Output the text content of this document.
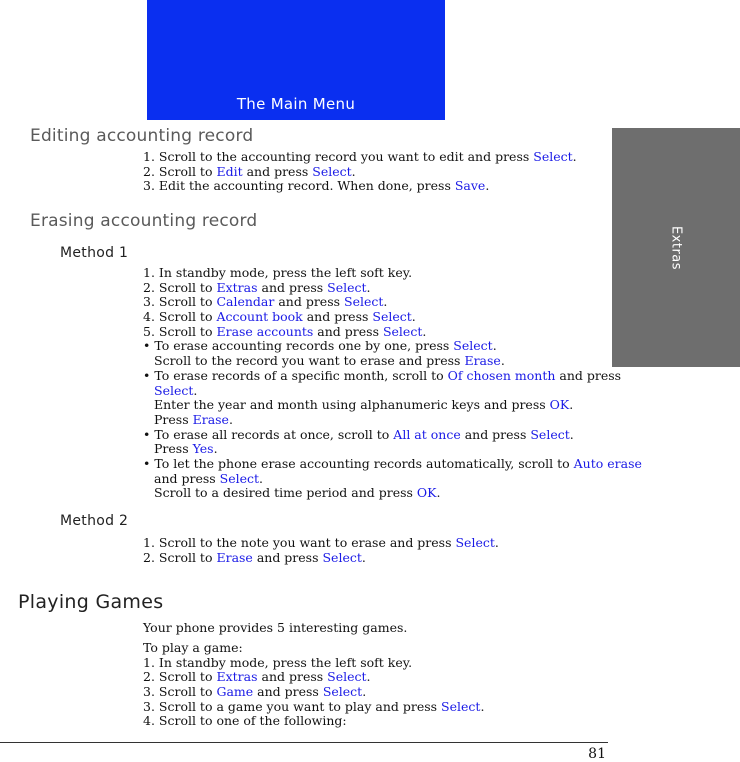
The Main Menu
Extras
Editing accounting record
1. Scroll to the accounting record you want to edit and press Select.
2. Scroll to Edit and press Select.
3. Edit the accounting record. When done, press Save.
Erasing accounting record
Method 1
1. In standby mode, press the left soft key.
2. Scroll to Extras and press Select.
3. Scroll to Calendar and press Select.
4. Scroll to Account book and press Select.
5. Scroll to Erase accounts and press Select.
• To erase accounting records one by one, press Select.
Scroll to the record you want to erase and press Erase.
• To erase records of a specific month, scroll to Of chosen month and press
Select.
Enter the year and month using alphanumeric keys and press OK.
Press Erase.
• To erase all records at once, scroll to All at once and press Select.
Press Yes.
• To let the phone erase accounting records automatically, scroll to Auto erase
and press Select.
Scroll to a desired time period and press OK.
Method 2
1. Scroll to the note you want to erase and press Select.
2. Scroll to Erase and press Select.
Playing Games
Your phone provides 5 interesting games.
To play a game:
1. In standby mode, press the left soft key.
2. Scroll to Extras and press Select.
3. Scroll to Game and press Select.
3. Scroll to a game you want to play and press Select.
4. Scroll to one of the following:
81
